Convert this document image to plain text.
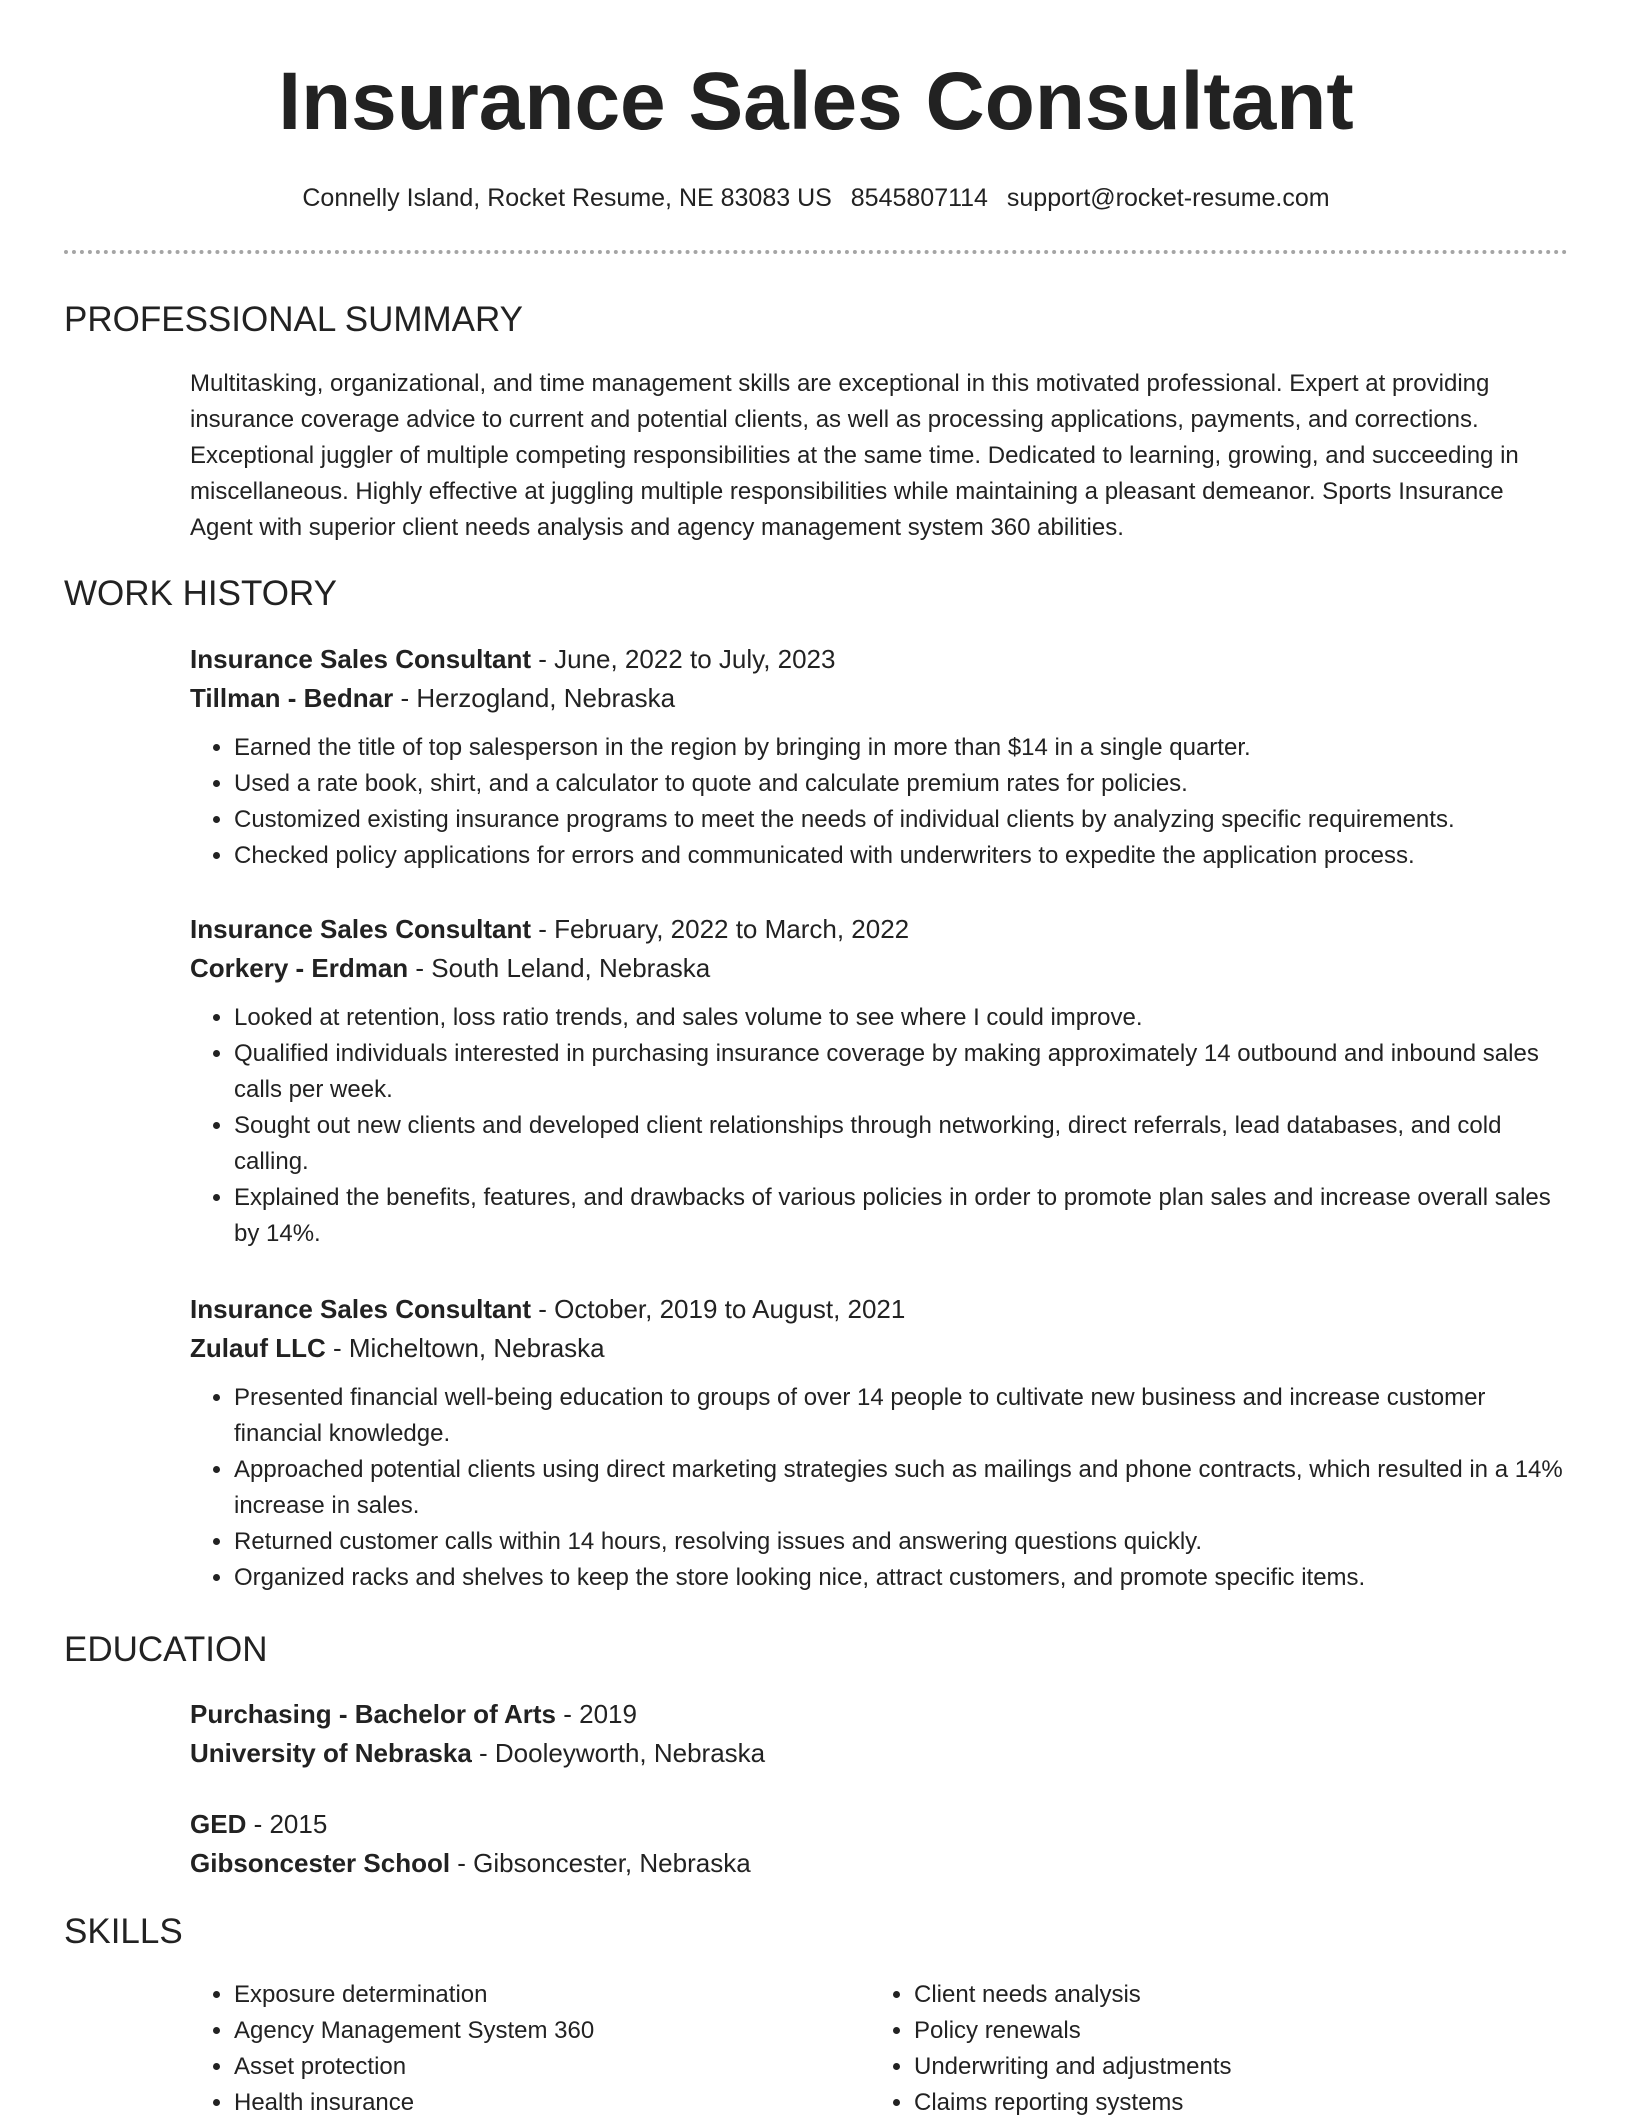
Insurance Sales Consultant
Connelly Island, Rocket Resume, NE 83083 US 8545807114 support@rocket-resume.com
PROFESSIONAL SUMMARY
Multitasking, organizational, and time management skills are exceptional in this motivated professional. Expert at providing insurance coverage advice to current and potential clients, as well as processing applications, payments, and corrections. Exceptional juggler of multiple competing responsibilities at the same time. Dedicated to learning, growing, and succeeding in miscellaneous. Highly effective at juggling multiple responsibilities while maintaining a pleasant demeanor. Sports Insurance Agent with superior client needs analysis and agency management system 360 abilities.
WORK HISTORY
Insurance Sales Consultant - June, 2022 to July, 2023
Tillman - Bednar - Herzogland, Nebraska
• Earned the title of top salesperson in the region by bringing in more than $14 in a single quarter.
• Used a rate book, shirt, and a calculator to quote and calculate premium rates for policies.
• Customized existing insurance programs to meet the needs of individual clients by analyzing specific requirements.
• Checked policy applications for errors and communicated with underwriters to expedite the application process.
Insurance Sales Consultant - February, 2022 to March, 2022
Corkery - Erdman - South Leland, Nebraska
• Looked at retention, loss ratio trends, and sales volume to see where I could improve.
• Qualified individuals interested in purchasing insurance coverage by making approximately 14 outbound and inbound sales calls per week.
• Sought out new clients and developed client relationships through networking, direct referrals, lead databases, and cold calling.
• Explained the benefits, features, and drawbacks of various policies in order to promote plan sales and increase overall sales by 14%.
Insurance Sales Consultant - October, 2019 to August, 2021
Zulauf LLC - Micheltown, Nebraska
• Presented financial well-being education to groups of over 14 people to cultivate new business and increase customer financial knowledge.
• Approached potential clients using direct marketing strategies such as mailings and phone contracts, which resulted in a 14% increase in sales.
• Returned customer calls within 14 hours, resolving issues and answering questions quickly.
• Organized racks and shelves to keep the store looking nice, attract customers, and promote specific items.
EDUCATION
Purchasing - Bachelor of Arts - 2019
University of Nebraska - Dooleyworth, Nebraska
GED - 2015
Gibsoncester School - Gibsoncester, Nebraska
SKILLS
• Exposure determination
• Agency Management System 360
• Asset protection
• Health insurance
• Client needs analysis
• Policy renewals
• Underwriting and adjustments
• Claims reporting systems
